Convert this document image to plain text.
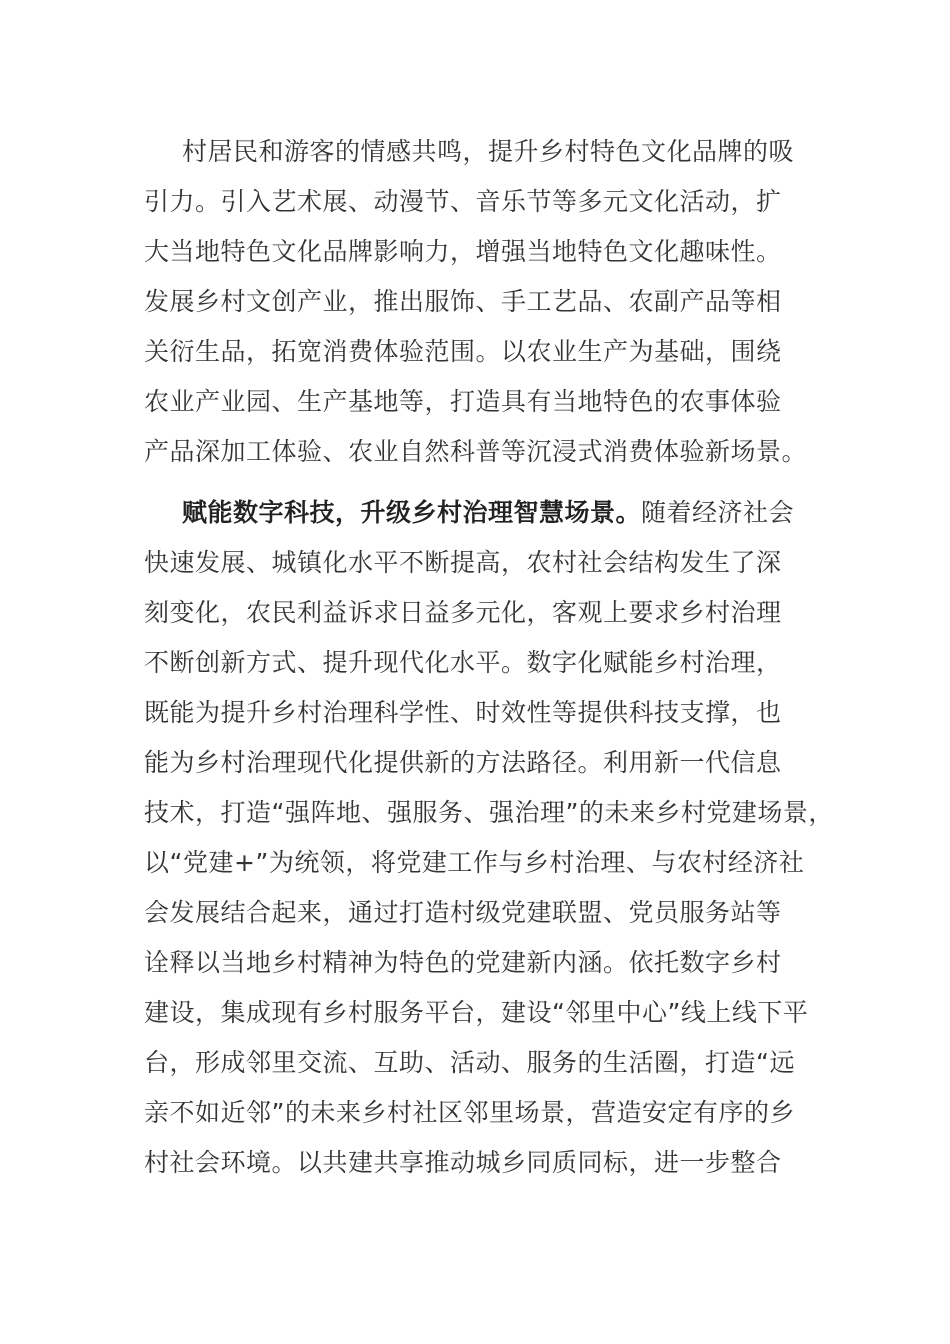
村居民和游客的情感共鸣，提升乡村特色文化品牌的吸
引力。引入艺术展、动漫节、音乐节等多元文化活动，扩
大当地特色文化品牌影响力，增强当地特色文化趣味性。
发展乡村文创产业，推出服饰、手工艺品、农副产品等相
关衍生品，拓宽消费体验范围。以农业生产为基础，围绕
农业产业园、生产基地等，打造具有当地特色的农事体验
产品深加工体验、农业自然科普等沉浸式消费体验新场景。
赋能数字科技，升级乡村治理智慧场景。随着经济社会
快速发展、城镇化水平不断提高，农村社会结构发生了深
刻变化，农民利益诉求日益多元化，客观上要求乡村治理
不断创新方式、提升现代化水平。数字化赋能乡村治理，
既能为提升乡村治理科学性、时效性等提供科技支撑，也
能为乡村治理现代化提供新的方法路径。利用新一代信息
技术，打造“强阵地、强服务、强治理”的未来乡村党建场景，
以“党建+”为统领，将党建工作与乡村治理、与农村经济社
会发展结合起来，通过打造村级党建联盟、党员服务站等
诠释以当地乡村精神为特色的党建新内涵。依托数字乡村
建设，集成现有乡村服务平台，建设“邻里中心”线上线下平
台，形成邻里交流、互助、活动、服务的生活圈，打造“远
亲不如近邻”的未来乡村社区邻里场景，营造安定有序的乡
村社会环境。以共建共享推动城乡同质同标，进一步整合
